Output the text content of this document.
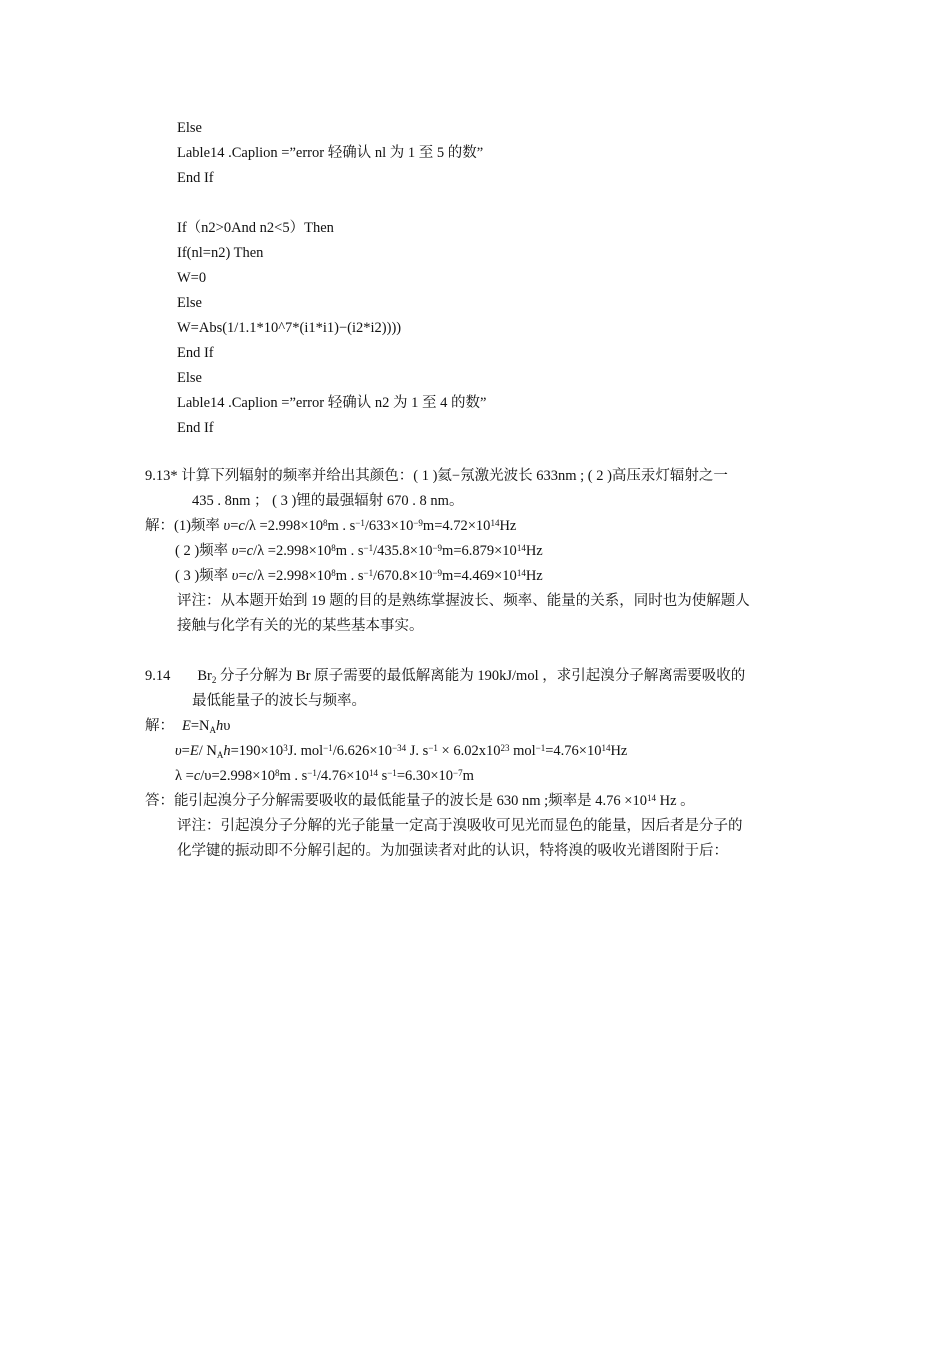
Else
Lable14 .Caplion =”error 轻确认 nl 为 1 至 5 的数”
End If
If（n2>0And n2<5）Then
If(nl=n2) Then
W=0
Else
W=Abs(1/1.1*10^7*(i1*i1)−(i2*i2))))
End If
Else
Lable14 .Caplion =”error 轻确认 n2 为 1 至 4 的数”
End If
9.13* 计算下列辐射的频率并给出其颜色：( 1 )氦−氖激光波长 633nm ; ( 2 )高压汞灯辐射之一
435 . 8nm ； ( 3 )锂的最强辐射 670 . 8 nm。
解：(1)频率 $\upsilon=c/\lambda =2.998\times 10^8m$ . $s^{-1}/633\times 10^{-9}m=4.72\times 10^{14}Hz$
( 2 )频率 $\upsilon=c/\lambda =2.998\times 10^8m$ . $s^{-1}/435.8\times 10^{-9}m=6.879\times 10^{14}Hz$
( 3 )频率 $\upsilon=c/\lambda =2.998\times 10^8m$ . $s^{-1}/670.8\times 10^{-9}m=4.469\times 10^{14}Hz$
评注：从本题开始到 19 题的目的是熟练掌握波长、频率、能量的关系，同时也为使解题人
接触与化学有关的光的某些基本事实。
9.14 $Br_2$ 分子分解为 Br 原子需要的最低解离能为 190kJ/mol ，求引起溴分子解离需要吸收的
最低能量子的波长与频率。
解： $E=N_Ah\upsilon$
υ=E/ $N_Ah=190\times 10^3J$. $mol^{-1}/6.626\times 10^{-34}$ J. $s^{-1} \times 6.02x10^{23}$ $mol^{-1}=4.76\times 10^{14}Hz$
$\lambda =c/\upsilon=2.998\times 10^8m$ . $s^{-1}/4.76\times 10^{14}$ $s^{-1}=6.30\times 10^{-7}m$
答：能引起溴分子分解需要吸收的最低能量子的波长是 630 nm ;频率是 $4.76 \times 10^{14}$ Hz 。
评注：引起溴分子分解的光子能量一定高于溴吸收可见光而显色的能量，因后者是分子的
化学键的振动即不分解引起的。为加强读者对此的认识，特将溴的吸收光谱图附于后：
